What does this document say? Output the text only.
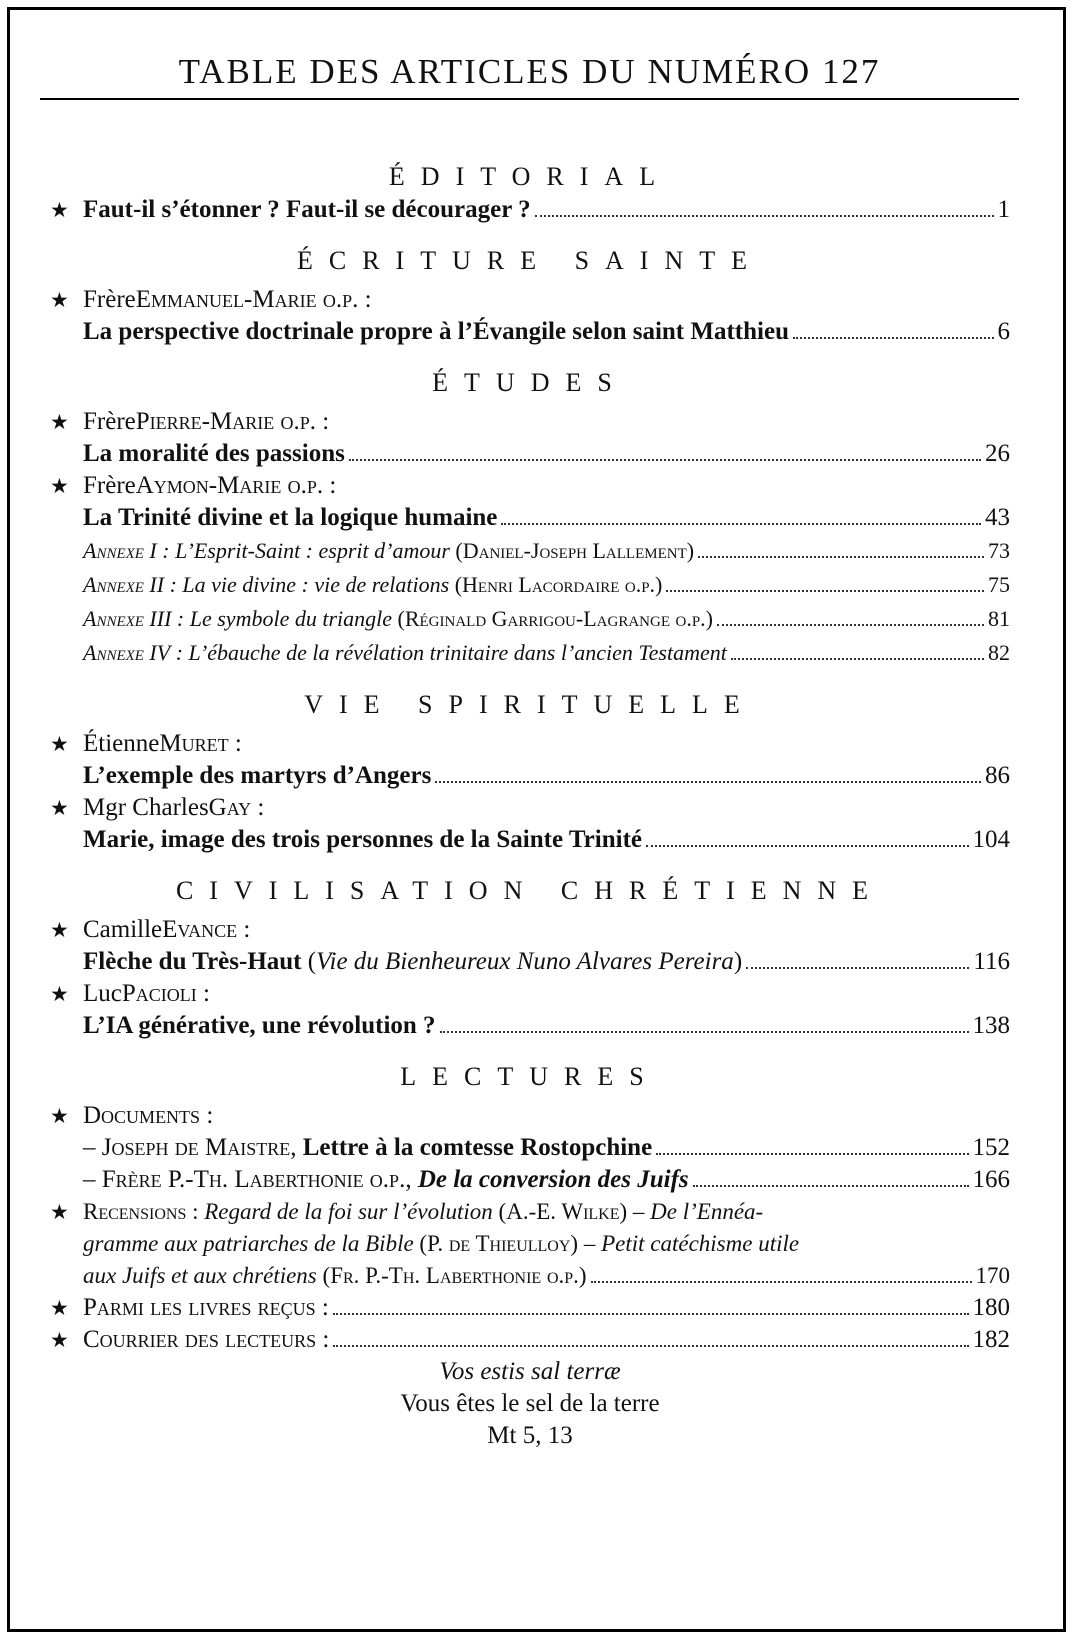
TABLE DES ARTICLES DU NUMÉRO 127
ÉDITORIAL
★ Faut-il s’étonner ? Faut-il se décourager ?	1
ÉCRITURE SAINTE
★ Frère Emmanuel-Marie o.p. :
La perspective doctrinale propre à l’Évangile selon saint Matthieu	6
ÉTUDES
★ Frère Pierre-Marie o.p. :
La moralité des passions	26
★ Frère Aymon-Marie o.p. :
La Trinité divine et la logique humaine	43
Annexe I : L’Esprit-Saint : esprit d’amour ( Daniel-Joseph Lallement )	73
Annexe II : La vie divine : vie de relations ( Henri Lacordaire o.p. )	75
Annexe III : Le symbole du triangle ( Réginald Garrigou-Lagrange o.p. )	81
Annexe IV : L’ébauche de la révélation trinitaire dans l’ancien Testament	82
VIE SPIRITUELLE
★ Étienne Muret :
L’exemple des martyrs d’Angers	86
★ Mgr Charles Gay :
Marie, image des trois personnes de la Sainte Trinité	104
CIVILISATION CHRÉTIENNE
★ Camille Evance :
Flèche du Très-Haut ( Vie du Bienheureux Nuno Alvares Pereira )	116
★ Luc Pacioli :
L’IA générative, une révolution ?	138
LECTURES
★ Documents :
– Joseph de Maistre,
Lettre à la comtesse Rostopchine	152
– Frère P.-Th. Laberthonie o.p.,
De la conversion des Juifs	166
★ Recensions :
Regard de la foi sur l’évolution ( A.-E. Wilke ) – De l’Ennéa-
gramme aux patriarches de la Bible ( P. de Thieulloy ) – Petit catéchisme utile
aux Juifs et aux chrétiens ( Fr. P.-Th. Laberthonie o.p. )	170
★ Parmi les livres reçus :	180
★ Courrier des lecteurs :	182
Vos estis sal terræ
Vous êtes le sel de la terre
Mt 5, 13
